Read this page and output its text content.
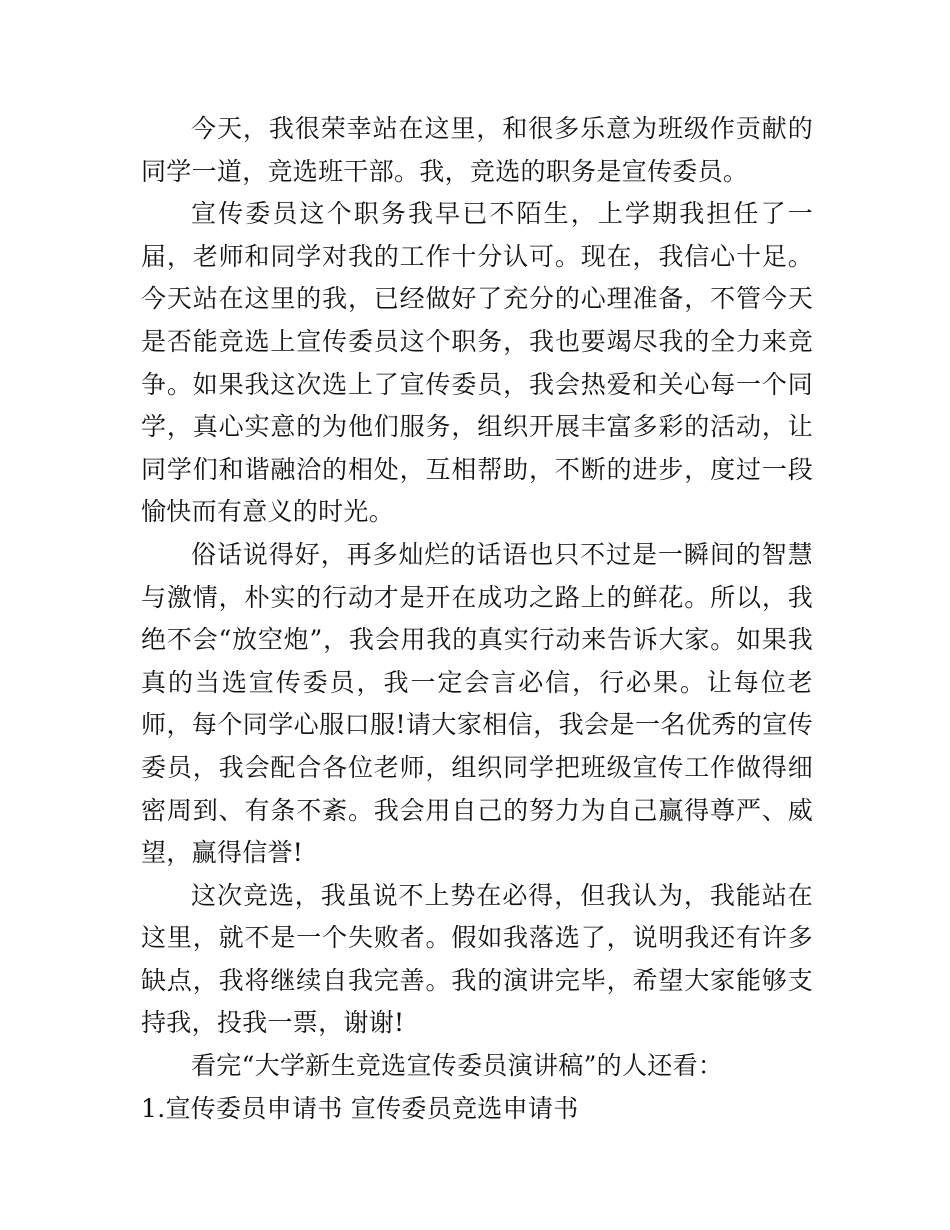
今天，我很荣幸站在这里，和很多乐意为班级作贡献的同学一道，竞选班干部。我，竞选的职务是宣传委员。

宣传委员这个职务我早已不陌生，上学期我担任了一届，老师和同学对我的工作十分认可。现在，我信心十足。今天站在这里的我，已经做好了充分的心理准备，不管今天是否能竞选上宣传委员这个职务，我也要竭尽我的全力来竞争。如果我这次选上了宣传委员，我会热爱和关心每一个同学，真心实意的为他们服务，组织开展丰富多彩的活动，让同学们和谐融洽的相处，互相帮助，不断的进步，度过一段愉快而有意义的时光。

俗话说得好，再多灿烂的话语也只不过是一瞬间的智慧与激情，朴实的行动才是开在成功之路上的鲜花。所以，我绝不会“放空炮”，我会用我的真实行动来告诉大家。如果我真的当选宣传委员，我一定会言必信，行必果。让每位老师，每个同学心服口服!请大家相信，我会是一名优秀的宣传委员，我会配合各位老师，组织同学把班级宣传工作做得细密周到、有条不紊。我会用自己的努力为自己赢得尊严、威望，赢得信誉!

这次竞选，我虽说不上势在必得，但我认为，我能站在这里，就不是一个失败者。假如我落选了，说明我还有许多缺点，我将继续自我完善。我的演讲完毕，希望大家能够支持我，投我一票，谢谢!

看完“大学新生竞选宣传委员演讲稿”的人还看：

1.宣传委员申请书 宣传委员竞选申请书
